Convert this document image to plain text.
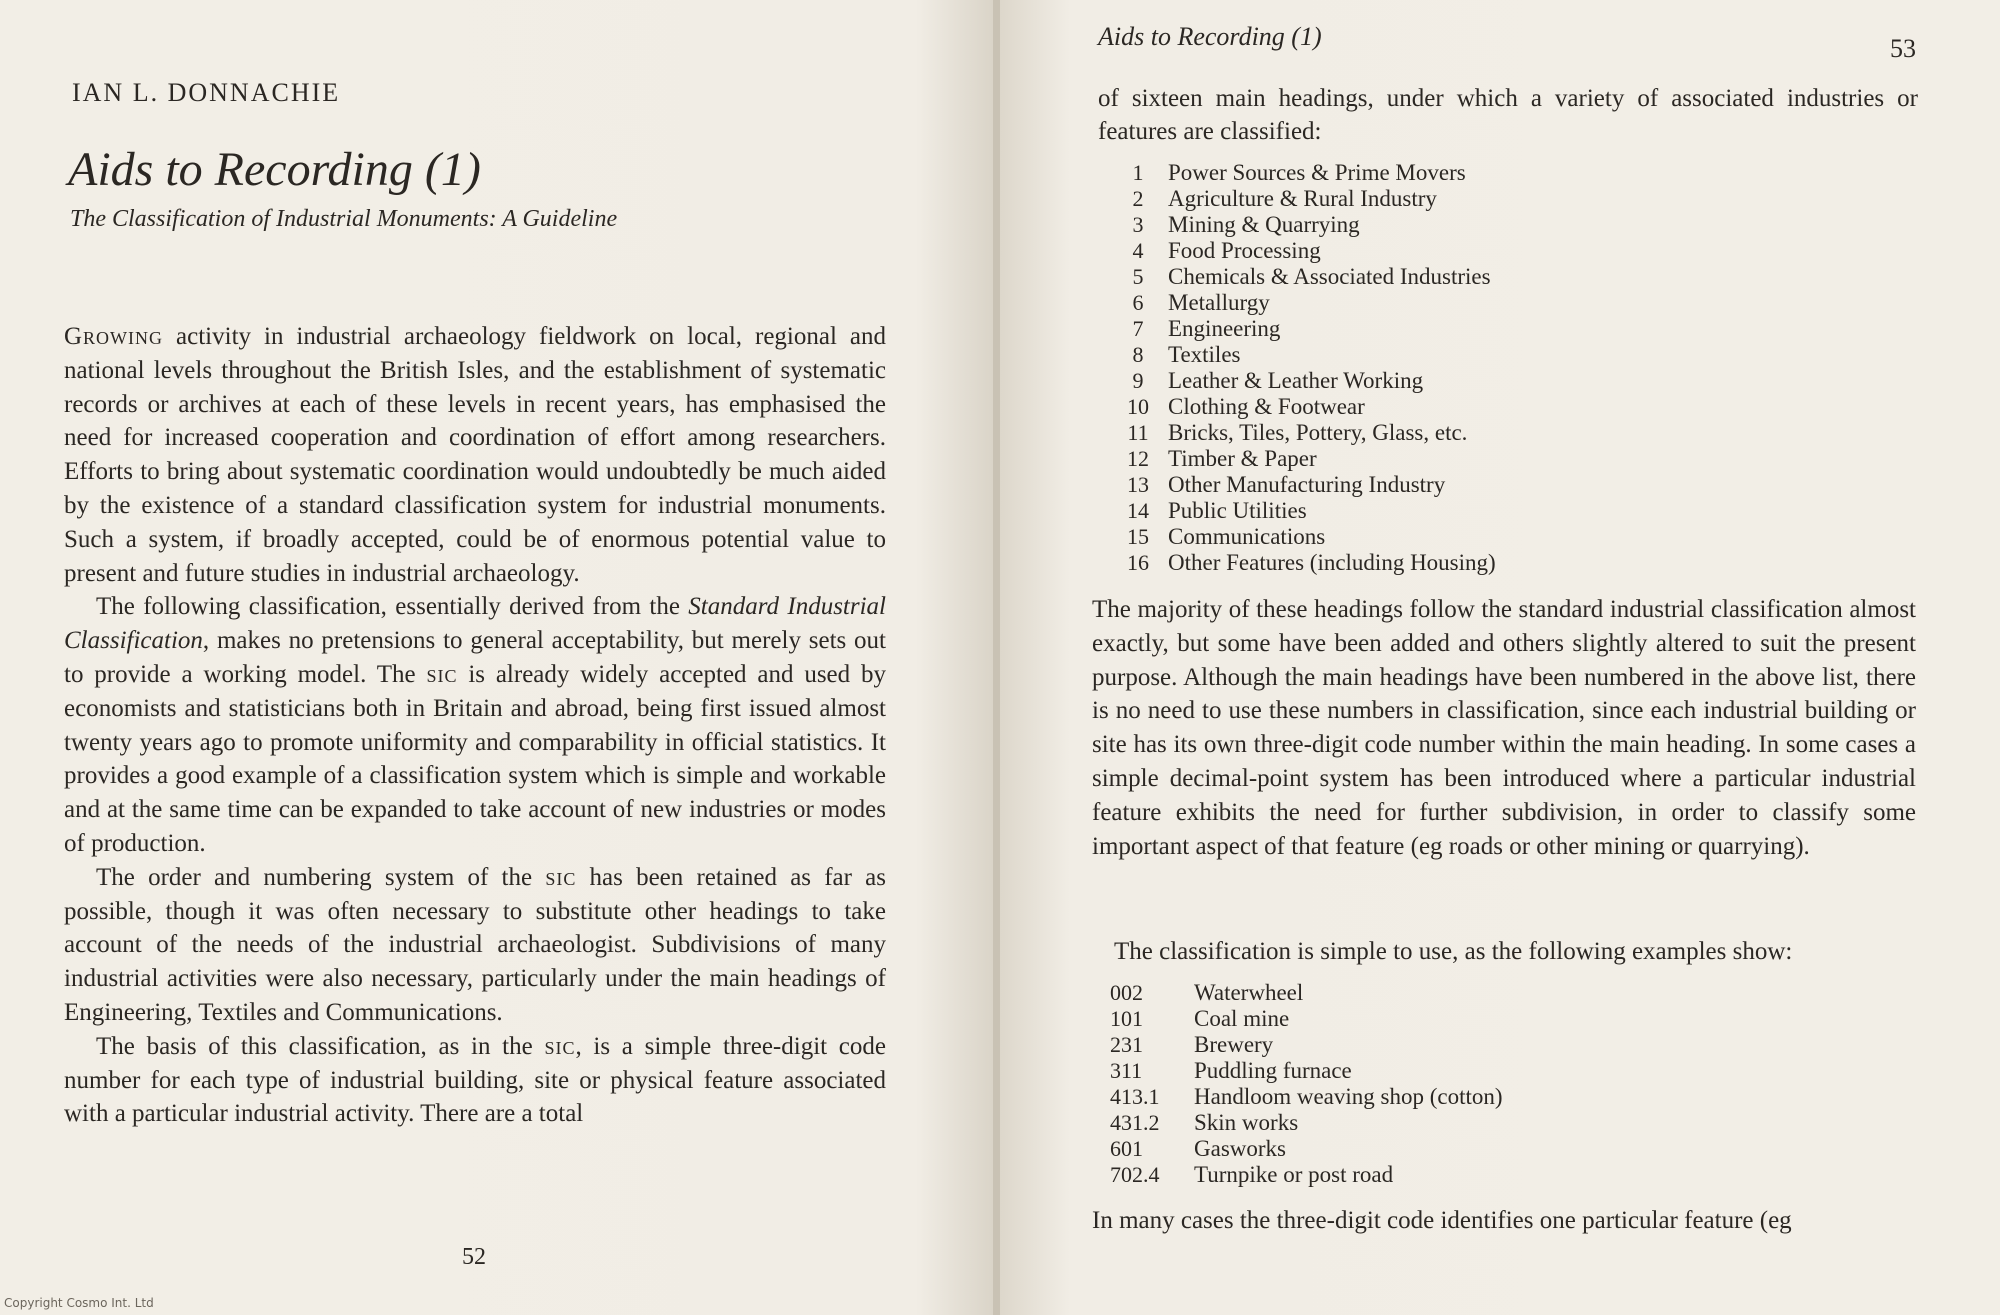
IAN L. DONNACHIE
Aids to Recording (1)
The Classification of Industrial Monuments: A Guideline

Growing activity in industrial archaeology fieldwork on local, regional and national levels throughout the British Isles, and the establishment of systematic records or archives at each of these levels in recent years, has emphasised the need for increased cooperation and coordination of effort among researchers. Efforts to bring about systematic coordination would undoubtedly be much aided by the existence of a standard classification system for industrial monuments. Such a system, if broadly accepted, could be of enormous potential value to present and future studies in industrial archaeology.

The following classification, essentially derived from the Standard Industrial Classification, makes no pretensions to general acceptability, but merely sets out to provide a working model. The sic is already widely accepted and used by economists and statisticians both in Britain and abroad, being first issued almost twenty years ago to promote uniformity and comparability in official statistics. It provides a good example of a classification system which is simple and workable and at the same time can be expanded to take account of new industries or modes of production.

The order and numbering system of the sic has been retained as far as possible, though it was often necessary to substitute other headings to take account of the needs of the industrial archaeologist. Subdivisions of many industrial activities were also necessary, particularly under the main headings of Engineering, Textiles and Communications.

The basis of this classification, as in the sic, is a simple three-digit code number for each type of industrial building, site or physical feature associated with a particular industrial activity. There are a total

52
Aids to Recording (1)	53

of sixteen main headings, under which a variety of associated industries or features are classified:

1	Power Sources & Prime Movers
2	Agriculture & Rural Industry
3	Mining & Quarrying
4	Food Processing
5	Chemicals & Associated Industries
6	Metallurgy
7	Engineering
8	Textiles
9	Leather & Leather Working
10 Clothing & Footwear
11 Bricks, Tiles, Pottery, Glass, etc.
12 Timber & Paper
13 Other Manufacturing Industry
14 Public Utilities
15 Communications
16 Other Features (including Housing)

The majority of these headings follow the standard industrial classification almost exactly, but some have been added and others slightly altered to suit the present purpose. Although the main headings have been numbered in the above list, there is no need to use these numbers in classification, since each industrial building or site has its own three-digit code number within the main heading. In some cases a simple decimal-point system has been introduced where a particular industrial feature exhibits the need for further subdivision, in order to classify some important aspect of that feature (eg roads or other mining or quarrying).

The classification is simple to use, as the following examples show:

002	Waterwheel
101	Coal mine
231	Brewery
311	Puddling furnace
413.1	Handloom weaving shop (cotton)
431.2	Skin works
601	Gasworks
702.4	Turnpike or post road

In many cases the three-digit code identifies one particular feature (eg

Copyright Cosmo Int. Ltd
